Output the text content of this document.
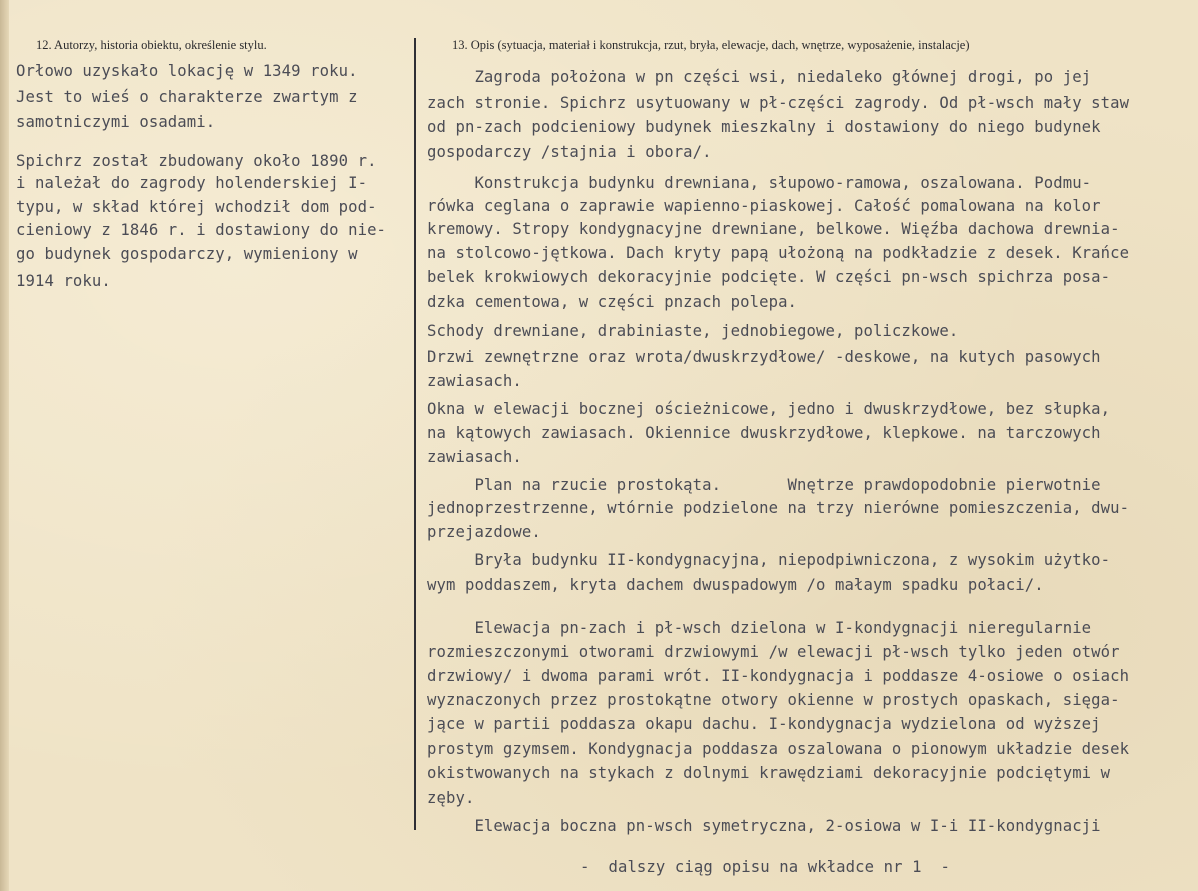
12. Autorzy, historia obiektu, określenie stylu.	13. Opis (sytuacja, materiał i konstrukcja, rzut, bryła, elewacje, dach, wnętrze, wyposażenie, instalacje)
Orłowo uzyskało lokację w 1349 roku.
Jest to wieś o charakterze zwartym z
samotniczymi osadami.
Spichrz został zbudowany około 1890 r.
i należał do zagrody holenderskiej I-
typu, w skład której wchodził dom pod-
cieniowy z 1846 r. i dostawiony do nie-
go budynek gospodarczy, wymieniony w
1914 roku.
Zagroda położona w pn części wsi, niedaleko głównej drogi, po jej
zach stronie. Spichrz usytuowany w pł-części zagrody. Od pł-wsch mały staw
od pn-zach podcieniowy budynek mieszkalny i dostawiony do niego budynek
gospodarczy /stajnia i obora/.
Konstrukcja budynku drewniana, słupowo-ramowa, oszalowana. Podmu-
rówka ceglana o zaprawie wapienno-piaskowej. Całość pomalowana na kolor
kremowy. Stropy kondygnacyjne drewniane, belkowe. Więźba dachowa drewnia-
na stolcowo-jętkowa. Dach kryty papą ułożoną na podkładzie z desek. Krańce
belek krokwiowych dekoracyjnie podcięte. W części pn-wsch spichrza posa-
dzka cementowa, w części pnzach polepa.
Schody drewniane, drabiniaste, jednobiegowe, policzkowe.
Drzwi zewnętrzne oraz wrota/dwuskrzydłowe/ -deskowe, na kutych pasowych
zawiasach.
Okna w elewacji bocznej ościeżnicowe, jedno i dwuskrzydłowe, bez słupka,
na kątowych zawiasach. Okiennice dwuskrzydłowe, klepkowe. na tarczowych
zawiasach.
Plan na rzucie prostokąta.       Wnętrze prawdopodobnie pierwotnie
jednoprzestrzenne, wtórnie podzielone na trzy nierówne pomieszczenia, dwu-
przejazdowe.
Bryła budynku II-kondygnacyjna, niepodpiwniczona, z wysokim użytko-
wym poddaszem, kryta dachem dwuspadowym /o małaym spadku połaci/.
Elewacja pn-zach i pł-wsch dzielona w I-kondygnacji nieregularnie
rozmieszczonymi otworami drzwiowymi /w elewacji pł-wsch tylko jeden otwór
drzwiowy/ i dwoma parami wrót. II-kondygnacja i poddasze 4-osiowe o osiach
wyznaczonych przez prostokątne otwory okienne w prostych opaskach, sięga-
jące w partii poddasza okapu dachu. I-kondygnacja wydzielona od wyższej
prostym gzymsem. Kondygnacja poddasza oszalowana o pionowym układzie desek
okistwowanych na stykach z dolnymi krawędziami dekoracyjnie podciętymi w
zęby.
Elewacja boczna pn-wsch symetryczna, 2-osiowa w I-i II-kondygnacji
-  dalszy ciąg opisu na wkładce nr 1  -
